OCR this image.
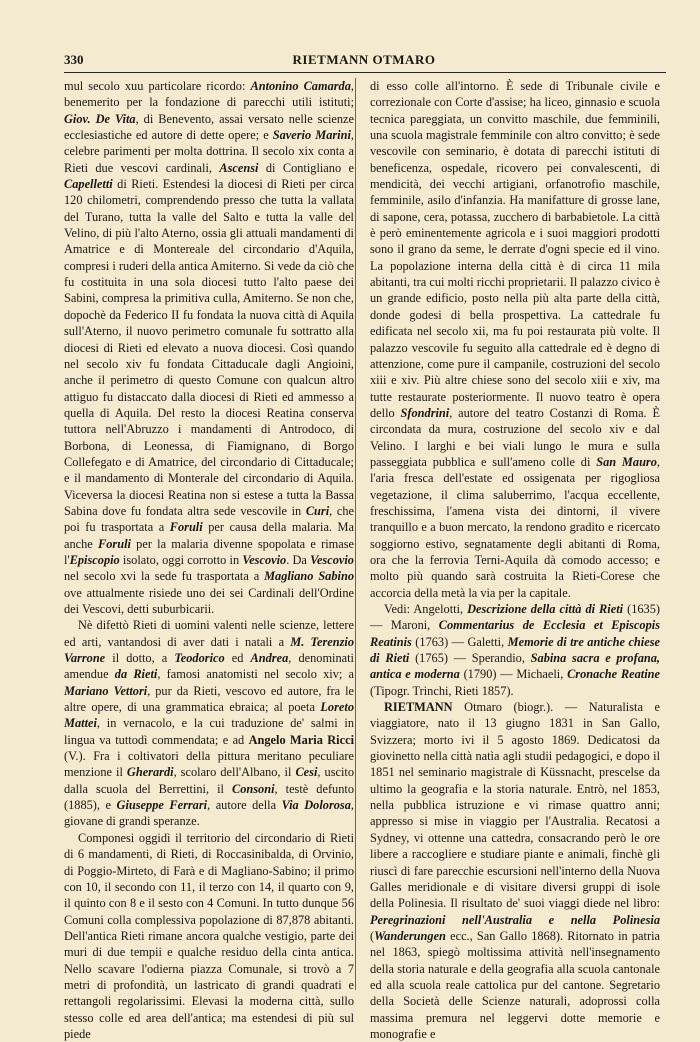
330	RIETMANN OTMARO

mul secolo xuu particolare ricordo: Antonino Camarda, benemerito per la fondazione di parecchi utili istituti; Giov. De Vita, di Benevento, assai versato nelle scienze ecclesiastiche ed autore di dette opere; e Saverio Marini, celebre parimenti per molta dottrina. Il secolo xix conta a Rieti due vescovi cardinali, Ascensi di Contigliano e Capelletti di Rieti. Estendesi la diocesi di Rieti per circa 120 chilometri, comprendendo presso che tutta la vallata del Turano, tutta la valle del Salto e tutta la valle del Velino, di più l'alto Aterno, ossia gli attuali mandamenti di Amatrice e di Montereale del circondario d'Aquila, compresi i ruderi della antica Amiterno. Si vede da ciò che fu costituita in una sola diocesi tutto l'alto paese dei Sabini, compresa la primitiva culla, Amiterno. Se non che, dopochè da Federico II fu fondata la nuova città di Aquila sull'Aterno, il nuovo perimetro comunale fu sottratto alla diocesi di Rieti ed elevato a nuova diocesi. Così quando nel secolo xiv fu fondata Cittaducale dagli Angioini, anche il perimetro di questo Comune con qualcun altro attiguo fu distaccato dalla diocesi di Rieti ed ammesso a quella di Aquila. Del resto la diocesi Reatina conserva tuttora nell'Abruzzo i mandamenti di Antrodoco, di Borbona, di Leonessa, di Fiamignano, di Borgo Collefegato e di Amatrice, del circondario di Cittaducale; e il mandamento di Monterale del circondario di Aquila. Viceversa la diocesi Reatina non si estese a tutta la Bassa Sabina dove fu fondata altra sede vescovile in Curi, che poi fu trasportata a Foruli per causa della malaria. Ma anche Foruli per la malaria divenne spopolata e rimase l'Episcopio isolato, oggi corrotto in Vescovio. Da Vescovio nel secolo xvi la sede fu trasportata a Magliano Sabino ove attualmente risiede uno dei sei Cardinali dell'Ordine dei Vescovi, detti suburbicarii.

Nè difettò Rieti di uomini valenti nelle scienze, lettere ed arti, vantandosi di aver dati i natali a M. Terenzio Varrone il dotto, a Teodorico ed Andrea, denominati amendue da Rieti, famosi anatomisti nel secolo xiv; a Mariano Vettori, pur da Rieti, vescovo ed autore, fra le altre opere, di una grammatica ebraica; al poeta Loreto Mattei, in vernacolo, e la cui traduzione de' salmi in lingua va tuttodì commendata; e ad Angelo Maria Ricci (V.). Fra i coltivatori della pittura meritano peculiare menzione il Gherardi, scolaro dell'Albano, il Cesi, uscito dalla scuola del Berrettini, il Consoni, testè defunto (1885), e Giuseppe Ferrari, autore della Via Dolorosa, giovane di grandi speranze.

Componesi oggidì il territorio del circondario di Rieti di 6 mandamenti, di Rieti, di Roccasinibalda, di Orvinio, di Poggio-Mirteto, di Farà e di Magliano-Sabino; il primo con 10, il secondo con 11, il terzo con 14, il quarto con 9, il quinto con 8 e il sesto con 4 Comuni. In tutto dunque 56 Comuni colla complessiva popolazione di 87,878 abitanti. Dell'antica Rieti rimane ancora qualche vestigio, parte dei muri di due tempii e qualche residuo della cinta antica. Nello scavare l'odierna piazza Comunale, si trovò a 7 metri di profondità, un lastricato di grandi quadrati e rettangoli regolarissimi. Elevasi la moderna città, sullo stesso colle ed area dell'antica; ma estendesi di più sul piede

di esso colle all'intorno. È sede di Tribunale civile e correzionale con Corte d'assise; ha liceo, ginnasio e scuola tecnica pareggiata, un convitto maschile, due femminili, una scuola magistrale femminile con altro convitto; è sede vescovile con seminario, è dotata di parecchi istituti di beneficenza, ospedale, ricovero pei convalescenti, di mendicità, dei vecchi artigiani, orfanotrofio maschile, femminile, asilo d'infanzia. Ha manifatture di grosse lane, di sapone, cera, potassa, zucchero di barbabietole. La città è però eminentemente agricola e i suoi maggiori prodotti sono il grano da seme, le derrate d'ogni specie ed il vino. La popolazione interna della città è di circa 11 mila abitanti, tra cui molti ricchi proprietarii. Il palazzo civico è un grande edificio, posto nella più alta parte della città, donde godesi di bella prospettiva. La cattedrale fu edificata nel secolo xii, ma fu poi restaurata più volte. Il palazzo vescovile fu seguito alla cattedrale ed è degno di attenzione, come pure il campanile, costruzioni del secolo xiii e xiv. Più altre chiese sono del secolo xiii e xiv, ma tutte restaurate posteriormente. Il nuovo teatro è opera dello Sfondrini, autore del teatro Costanzi di Roma. È circondata da mura, costruzione del secolo xiv e dal Velino. I larghi e bei viali lungo le mura e sulla passeggiata pubblica e sull'ameno colle di San Mauro, l'aria fresca dell'estate ed ossigenata per rigogliosa vegetazione, il clima saluberrimo, l'acqua eccellente, freschissima, l'amena vista dei dintorni, il vivere tranquillo e a buon mercato, la rendono gradito e ricercato soggiorno estivo, segnatamente degli abitanti di Roma, ora che la ferrovia Terni-Aquila dà comodo accesso; e molto più quando sarà costruita la Rieti-Corese che accorcia della metà la via per la capitale.

Vedi: Angelotti, Descrizione della città di Rieti (1635) — Maroni, Commentarius de Ecclesia et Episcopis Reatinis (1763) — Galetti, Memorie di tre antiche chiese di Rieti (1765) — Sperandio, Sabina sacra e profana, antica e moderna (1790) — Michaeli, Cronache Reatine (Tipogr. Trinchi, Rieti 1857).

RIETMANN Otmaro (biogr.). — Naturalista e viaggiatore, nato il 13 giugno 1831 in San Gallo, Svizzera; morto ivi il 5 agosto 1869. Dedicatosi da giovinetto nella città natìa agli studii pedagogici, e dopo il 1851 nel seminario magistrale di Küssnacht, prescelse da ultimo la geografia e la storia naturale. Entrò, nel 1853, nella pubblica istruzione e vi rimase quattro anni; appresso si mise in viaggio per l'Australia. Recatosi a Sydney, vi ottenne una cattedra, consacrando però le ore libere a raccogliere e studiare piante e animali, finchè gli riuscì di fare parecchie escursioni nell'interno della Nuova Galles meridionale e di visitare diversi gruppi di isole della Polinesia. Il risultato de' suoi viaggi diede nel libro: Peregrinazioni nell'Australia e nella Polinesia (Wanderungen ecc., San Gallo 1868). Ritornato in patria nel 1863, spiegò moltissima attività nell'insegnamento della storia naturale e della geografia alla scuola cantonale ed alla scuola reale cattolica pur del cantone. Segretario della Società delle Scienze naturali, adoprossi colla massima premura nel leggervi dotte memorie e monografie e
